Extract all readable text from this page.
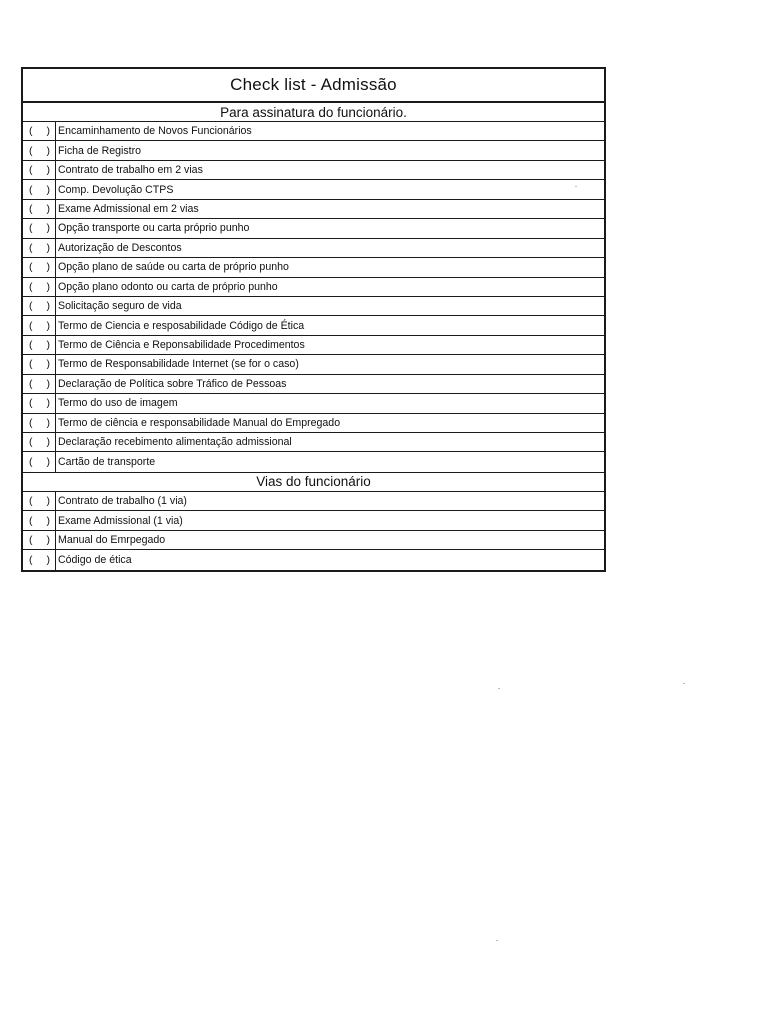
Check list - Admissão
Para assinatura do funcionário.
( ) Encaminhamento de Novos Funcionários
( ) Ficha de Registro
( ) Contrato de trabalho em 2 vias
( ) Comp. Devolução CTPS
( ) Exame Admissional em 2 vias
( ) Opção transporte ou carta próprio punho
( ) Autorização de Descontos
( ) Opção plano de saúde ou carta de próprio punho
( ) Opção plano odonto ou carta de próprio punho
( ) Solicitação seguro de vida
( ) Termo de Ciencia e resposabilidade Código de Ética
( ) Termo de Ciência e Reponsabilidade Procedimentos
( ) Termo de Responsabilidade Internet (se for o caso)
( ) Declaração de Política sobre Tráfico de Pessoas
( ) Termo do uso de imagem
( ) Termo de ciência e responsabilidade Manual do Empregado
( ) Declaração recebimento alimentação admissional
( ) Cartão de transporte
Vias do funcionário
( ) Contrato de trabalho (1 via)
( ) Exame Admissional (1 via)
( ) Manual do Emrpegado
( ) Código de ética
